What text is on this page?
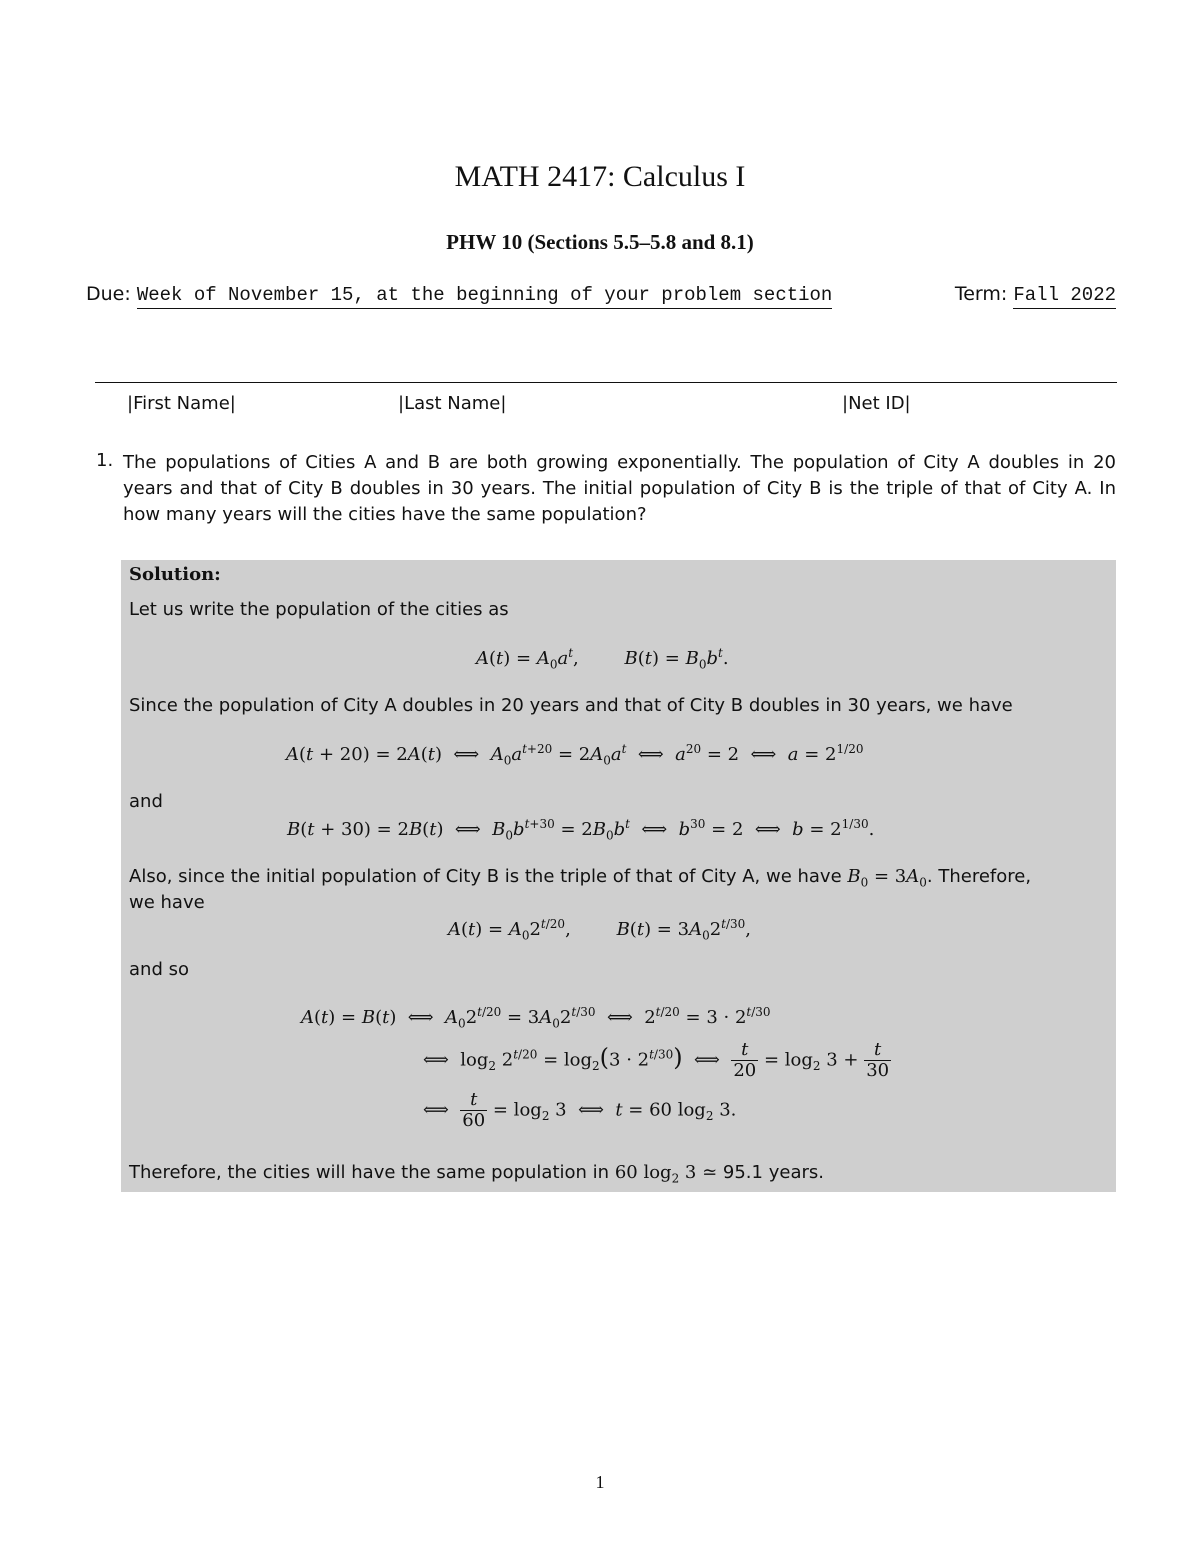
MATH 2417: Calculus I
PHW 10 (Sections 5.5–5.8 and 8.1)
Due: Week of November 15, at the beginning of your problem section	Term: Fall 2022
|First Name|	|Last Name|	|Net ID|
1. The populations of Cities A and B are both growing exponentially. The population of City A doubles in 20 years and that of City B doubles in 30 years. The initial population of City B is the triple of that of City A. In how many years will the cities have the same population?
Solution:
Let us write the population of the cities as
$A(t) = A_0a^t$,        $B(t) = B_0b^t$.
Since the population of City A doubles in 20 years and that of City B doubles in 30 years, we have
A(t + 20) = 2A(t)  ⟺  $A_0a^{t+20} = 2A_0a^t$  ⟺  $a^{20} = 2$  ⟺  $a = 2^{1/20}$
and
B(t + 30) = 2B(t)  ⟺  $B_0b^{t+30} = 2B_0b^t$  ⟺  $b^{30} = 2$  ⟺  $b = 2^{1/30}$.
Also, since the initial population of City B is the triple of that of City A, we have $B_0 = 3A_0$. Therefore,
we have
$A(t) = A_02^{t/20}$,        $B(t) = 3A_02^{t/30}$,
and so
A(t) = B(t)  ⟺  $A_02^{t/20} = 3A_02^{t/30}$  ⟺  $2^{t/20} = 3 \cdot 2^{t/30}$
⟺  $\log_2 2^{t/20} = \log_2(3 \cdot 2^{t/30})$  ⟺ $\frac{t}{20} = \log_2 3 + \frac{t}{30}$
⟺ $\frac{t}{60} = \log_2 3$  ⟺  t = 60 $\log_2 3$.
Therefore, the cities will have the same population in 60 $\log_2 3$ ≃ 95.1 years.
1
